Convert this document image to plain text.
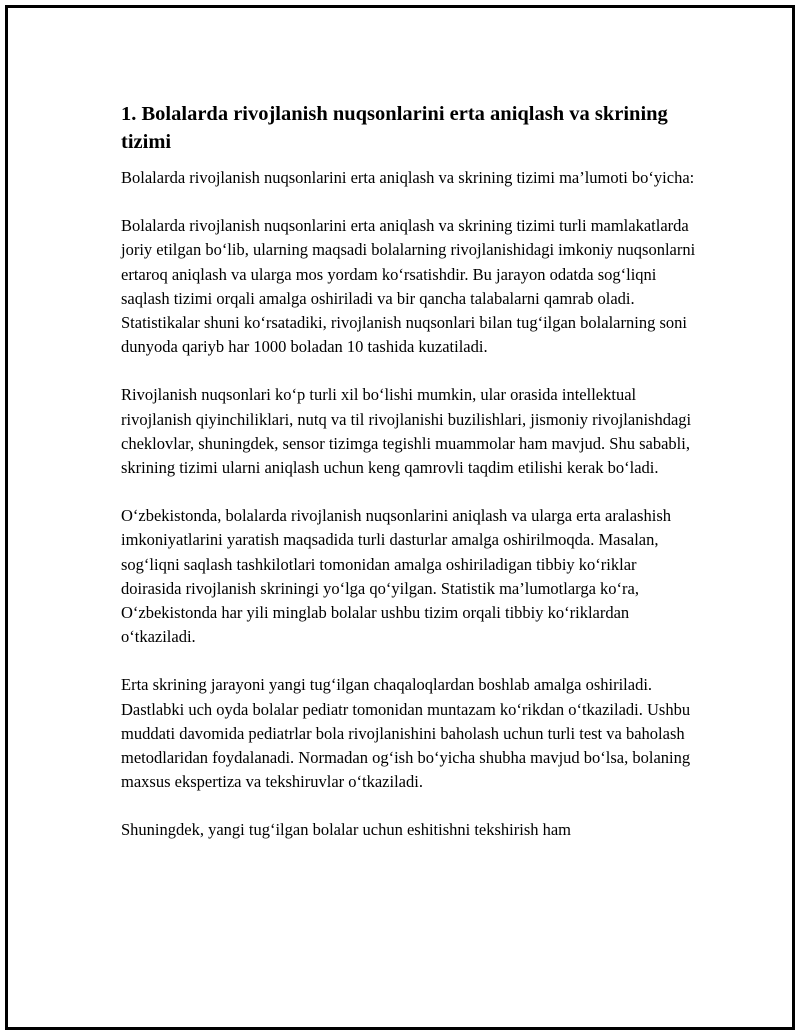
1. Bolalarda rivojlanish nuqsonlarini erta aniqlash va skrining tizimi

Bolalarda rivojlanish nuqsonlarini erta aniqlash va skrining tizimi ma’lumoti bo‘yicha:

Bolalarda rivojlanish nuqsonlarini erta aniqlash va skrining tizimi turli mamlakatlarda joriy etilgan bo‘lib, ularning maqsadi bolalarning rivojlanishidagi imkoniy nuqsonlarni ertaroq aniqlash va ularga mos yordam ko‘rsatishdir. Bu jarayon odatda sog‘liqni saqlash tizimi orqali amalga oshiriladi va bir qancha talabalarni qamrab oladi. Statistikalar shuni ko‘rsatadiki, rivojlanish nuqsonlari bilan tug‘ilgan bolalarning soni dunyoda qariyb har 1000 boladan 10 tashida kuzatiladi.

Rivojlanish nuqsonlari ko‘p turli xil bo‘lishi mumkin, ular orasida intellektual rivojlanish qiyinchiliklari, nutq va til rivojlanishi buzilishlari, jismoniy rivojlanishdagi cheklovlar, shuningdek, sensor tizimga tegishli muammolar ham mavjud. Shu sababli, skrining tizimi ularni aniqlash uchun keng qamrovli taqdim etilishi kerak bo‘ladi.

O‘zbekistonda, bolalarda rivojlanish nuqsonlarini aniqlash va ularga erta aralashish imkoniyatlarini yaratish maqsadida turli dasturlar amalga oshirilmoqda. Masalan, sog‘liqni saqlash tashkilotlari tomonidan amalga oshiriladigan tibbiy ko‘riklar doirasida rivojlanish skriningi yo‘lga qo‘yilgan. Statistik ma’lumotlarga ko‘ra, O‘zbekistonda har yili minglab bolalar ushbu tizim orqali tibbiy ko‘riklardan o‘tkaziladi.

Erta skrining jarayoni yangi tug‘ilgan chaqaloqlardan boshlab amalga oshiriladi. Dastlabki uch oyda bolalar pediatr tomonidan muntazam ko‘rikdan o‘tkaziladi. Ushbu muddati davomida pediatrlar bola rivojlanishini baholash uchun turli test va baholash metodlaridan foydalanadi. Normadan og‘ish bo‘yicha shubha mavjud bo‘lsa, bolaning maxsus ekspertiza va tekshiruvlar o‘tkaziladi.

Shuningdek, yangi tug‘ilgan bolalar uchun eshitishni tekshirish ham
